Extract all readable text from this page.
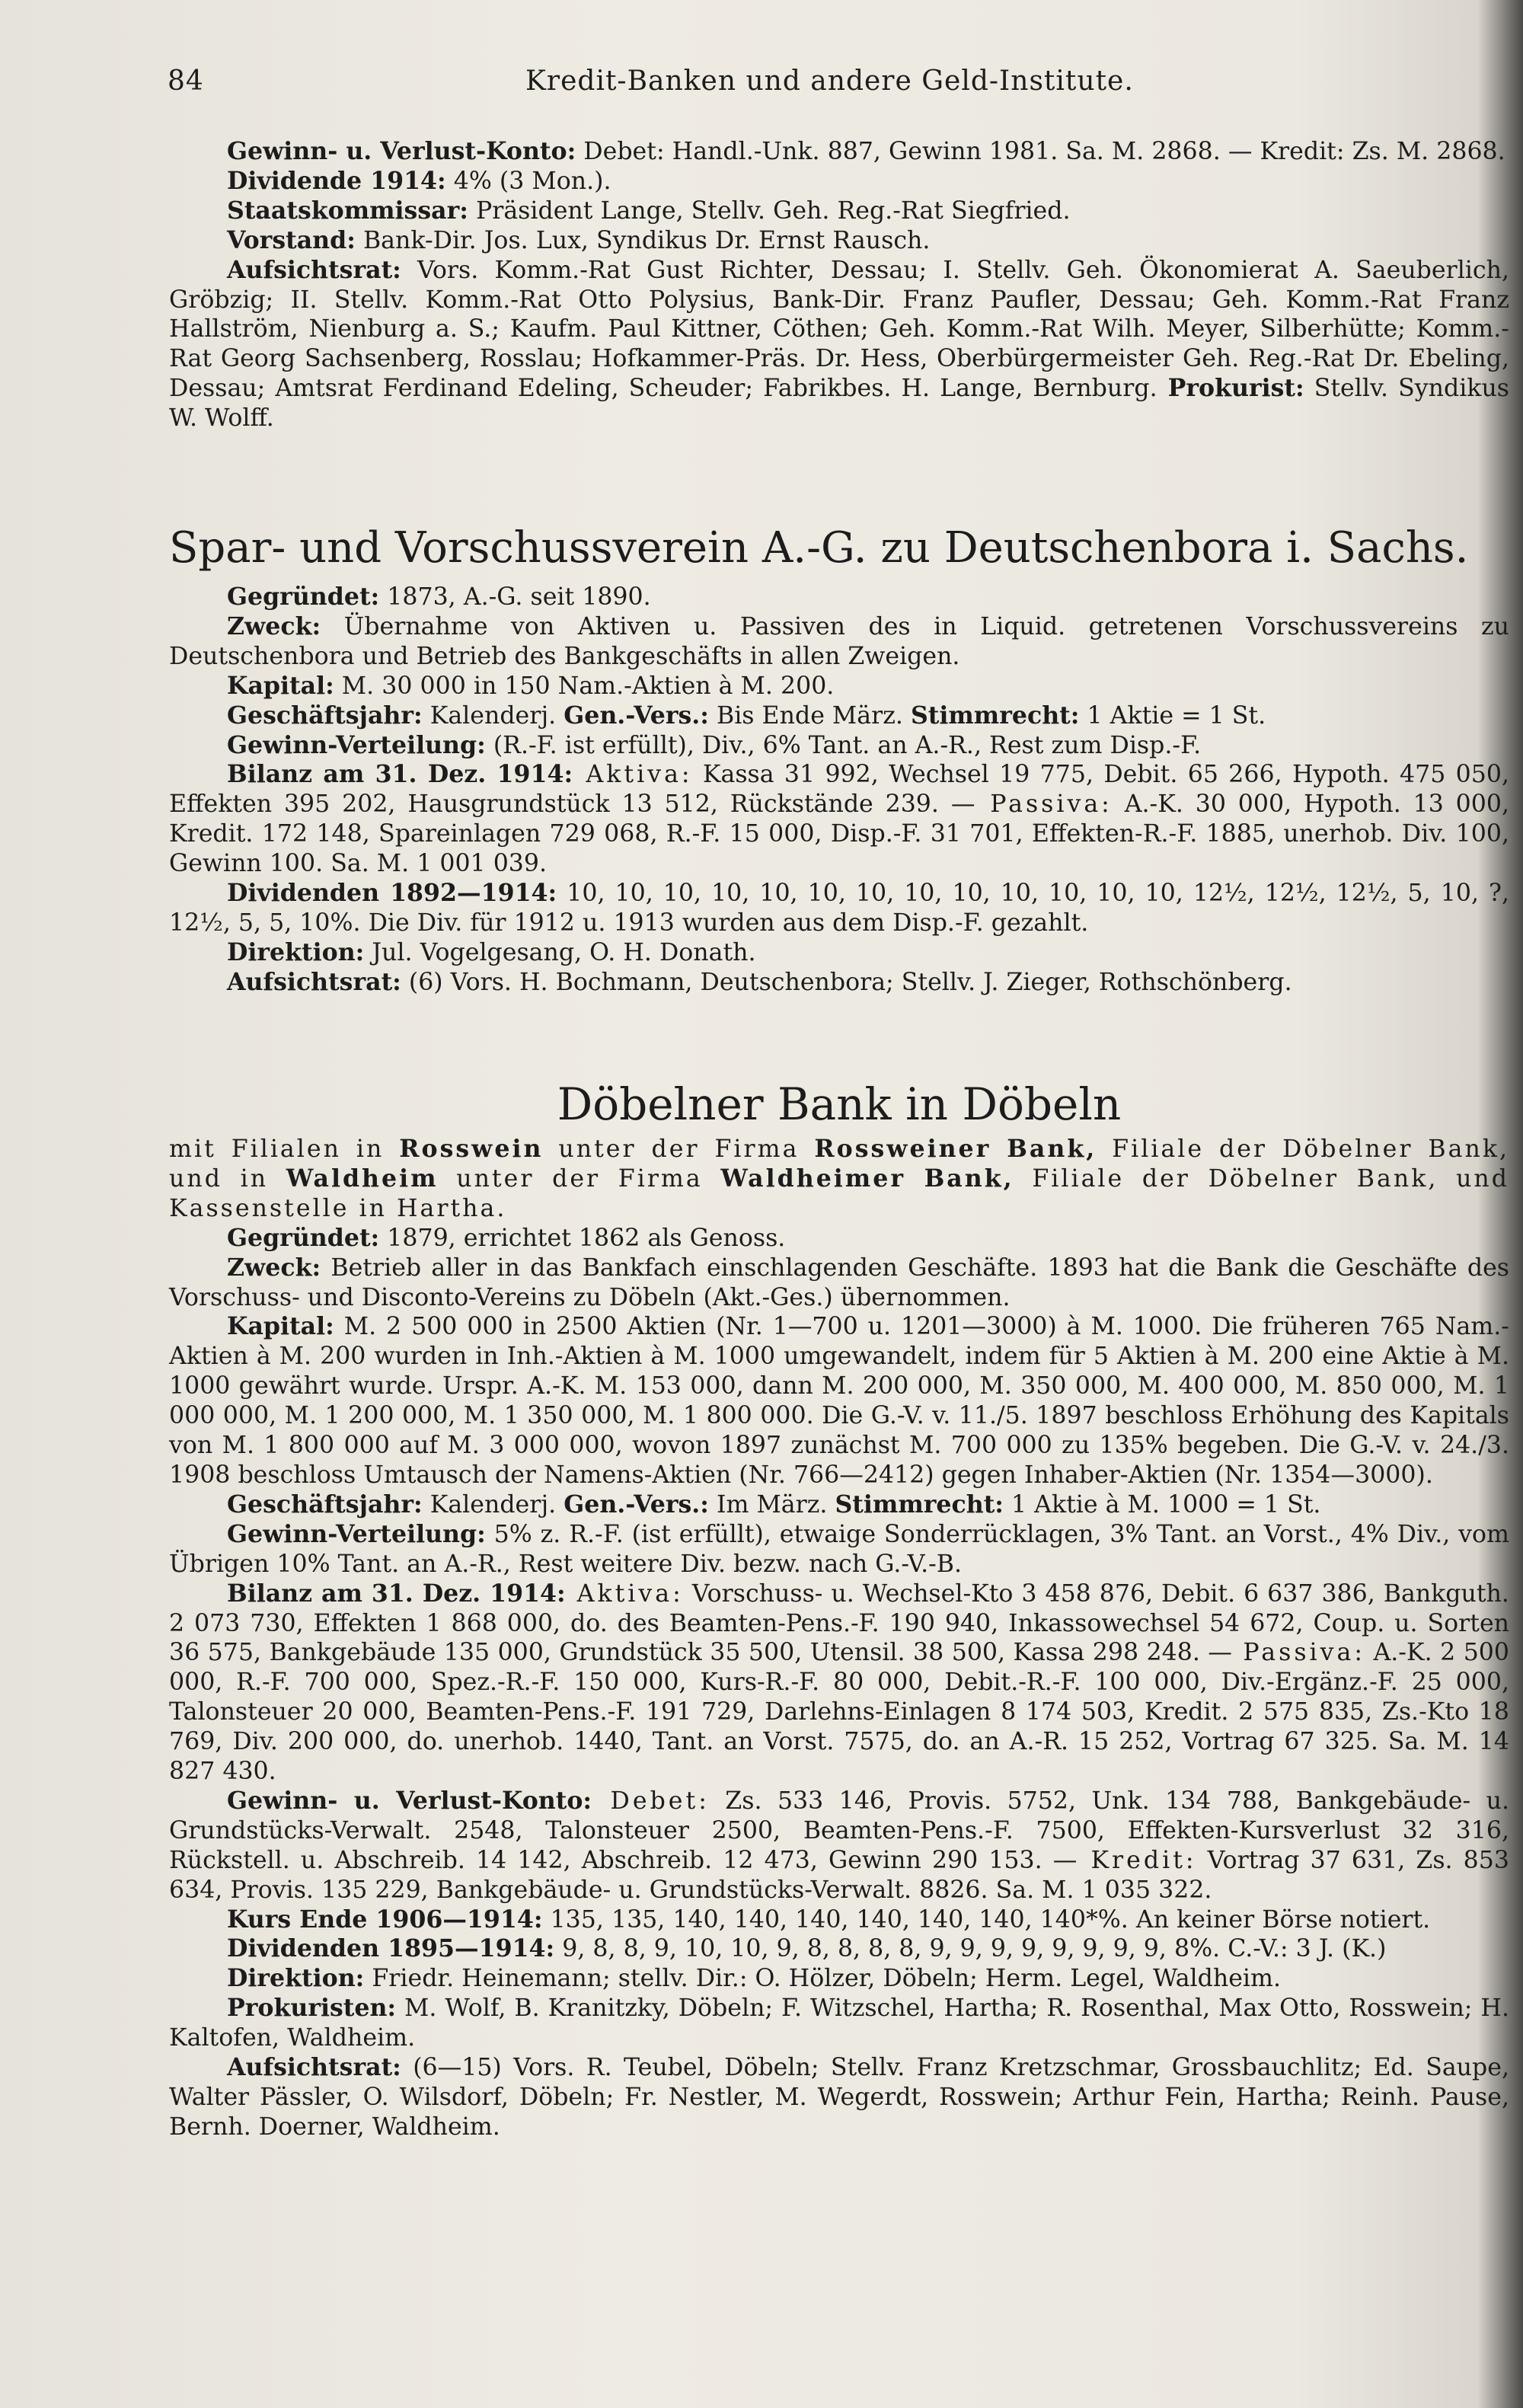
84	Kredit-Banken und andere Geld-Institute.

Gewinn- u. Verlust-Konto: Debet: Handl.-Unk. 887, Gewinn 1981. Sa. M. 2868. — Kredit: Zs. M. 2868.

Dividende 1914: 4% (3 Mon.).

Staatskommissar: Präsident Lange, Stellv. Geh. Reg.-Rat Siegfried.

Vorstand: Bank-Dir. Jos. Lux, Syndikus Dr. Ernst Rausch.

Aufsichtsrat: Vors. Komm.-Rat Gust Richter, Dessau; I. Stellv. Geh. Ökonomierat A. Saeuberlich, Gröbzig; II. Stellv. Komm.-Rat Otto Polysius, Bank-Dir. Franz Paufler, Dessau; Geh. Komm.-Rat Franz Hallström, Nienburg a. S.; Kaufm. Paul Kittner, Cöthen; Geh. Komm.-Rat Wilh. Meyer, Silberhütte; Komm.-Rat Georg Sachsenberg, Rosslau; Hofkammer-Präs. Dr. Hess, Oberbürgermeister Geh. Reg.-Rat Dr. Ebeling, Dessau; Amtsrat Ferdinand Edeling, Scheuder; Fabrikbes. H. Lange, Bernburg. Prokurist: Stellv. Syndikus W. Wolff.

Spar- und Vorschussverein A.-G. zu Deutschenbora i. Sachs.

Gegründet: 1873, A.-G. seit 1890.

Zweck: Übernahme von Aktiven u. Passiven des in Liquid. getretenen Vorschussvereins zu Deutschenbora und Betrieb des Bankgeschäfts in allen Zweigen.

Kapital: M. 30 000 in 150 Nam.-Aktien à M. 200.

Geschäftsjahr: Kalenderj. Gen.-Vers.: Bis Ende März. Stimmrecht: 1 Aktie = 1 St.

Gewinn-Verteilung: (R.-F. ist erfüllt), Div., 6% Tant. an A.-R., Rest zum Disp.-F.

Bilanz am 31. Dez. 1914: Aktiva: Kassa 31 992, Wechsel 19 775, Debit. 65 266, Hypoth. 475 050, Effekten 395 202, Hausgrundstück 13 512, Rückstände 239. — Passiva: A.-K. 30 000, Hypoth. 13 000, Kredit. 172 148, Spareinlagen 729 068, R.-F. 15 000, Disp.-F. 31 701, Effekten-R.-F. 1885, unerhob. Div. 100, Gewinn 100. Sa. M. 1 001 039.

Dividenden 1892—1914: 10, 10, 10, 10, 10, 10, 10, 10, 10, 10, 10, 10, 10, 12½, 12½, 12½, 5, 10, ?, 12½, 5, 5, 10%. Die Div. für 1912 u. 1913 wurden aus dem Disp.-F. gezahlt.

Direktion: Jul. Vogelgesang, O. H. Donath.

Aufsichtsrat: (6) Vors. H. Bochmann, Deutschenbora; Stellv. J. Zieger, Rothschönberg.

Döbelner Bank in Döbeln

mit Filialen in Rosswein unter der Firma Rossweiner Bank, Filiale der Döbelner Bank, und in Waldheim unter der Firma Waldheimer Bank, Filiale der Döbelner Bank, und Kassenstelle in Hartha.

Gegründet: 1879, errichtet 1862 als Genoss.

Zweck: Betrieb aller in das Bankfach einschlagenden Geschäfte. 1893 hat die Bank die Geschäfte des Vorschuss- und Disconto-Vereins zu Döbeln (Akt.-Ges.) übernommen.

Kapital: M. 2 500 000 in 2500 Aktien (Nr. 1—700 u. 1201—3000) à M. 1000. Die früheren 765 Nam.-Aktien à M. 200 wurden in Inh.-Aktien à M. 1000 umgewandelt, indem für 5 Aktien à M. 200 eine Aktie à M. 1000 gewährt wurde. Urspr. A.-K. M. 153 000, dann M. 200 000, M. 350 000, M. 400 000, M. 850 000, M. 1 000 000, M. 1 200 000, M. 1 350 000, M. 1 800 000. Die G.-V. v. 11./5. 1897 beschloss Erhöhung des Kapitals von M. 1 800 000 auf M. 3 000 000, wovon 1897 zunächst M. 700 000 zu 135% begeben. Die G.-V. v. 24./3. 1908 beschloss Umtausch der Namens-Aktien (Nr. 766—2412) gegen Inhaber-Aktien (Nr. 1354—3000).

Geschäftsjahr: Kalenderj. Gen.-Vers.: Im März. Stimmrecht: 1 Aktie à M. 1000 = 1 St.

Gewinn-Verteilung: 5% z. R.-F. (ist erfüllt), etwaige Sonderrücklagen, 3% Tant. an Vorst., 4% Div., vom Übrigen 10% Tant. an A.-R., Rest weitere Div. bezw. nach G.-V.-B.

Bilanz am 31. Dez. 1914: Aktiva: Vorschuss- u. Wechsel-Kto 3 458 876, Debit. 6 637 386, Bankguth. 2 073 730, Effekten 1 868 000, do. des Beamten-Pens.-F. 190 940, Inkassowechsel 54 672, Coup. u. Sorten 36 575, Bankgebäude 135 000, Grundstück 35 500, Utensil. 38 500, Kassa 298 248. — Passiva: A.-K. 2 500 000, R.-F. 700 000, Spez.-R.-F. 150 000, Kurs-R.-F. 80 000, Debit.-R.-F. 100 000, Div.-Ergänz.-F. 25 000, Talonsteuer 20 000, Beamten-Pens.-F. 191 729, Darlehns-Einlagen 8 174 503, Kredit. 2 575 835, Zs.-Kto 18 769, Div. 200 000, do. unerhob. 1440, Tant. an Vorst. 7575, do. an A.-R. 15 252, Vortrag 67 325. Sa. M. 14 827 430.

Gewinn- u. Verlust-Konto: Debet: Zs. 533 146, Provis. 5752, Unk. 134 788, Bankgebäude- u. Grundstücks-Verwalt. 2548, Talonsteuer 2500, Beamten-Pens.-F. 7500, Effekten-Kursverlust 32 316, Rückstell. u. Abschreib. 14 142, Abschreib. 12 473, Gewinn 290 153. — Kredit: Vortrag 37 631, Zs. 853 634, Provis. 135 229, Bankgebäude- u. Grundstücks-Verwalt. 8826. Sa. M. 1 035 322.

Kurs Ende 1906—1914: 135, 135, 140, 140, 140, 140, 140, 140, 140*%. An keiner Börse notiert.

Dividenden 1895—1914: 9, 8, 8, 9, 10, 10, 9, 8, 8, 8, 8, 9, 9, 9, 9, 9, 9, 9, 9, 8%. C.-V.: 3 J. (K.)

Direktion: Friedr. Heinemann; stellv. Dir.: O. Hölzer, Döbeln; Herm. Legel, Waldheim.

Prokuristen: M. Wolf, B. Kranitzky, Döbeln; F. Witzschel, Hartha; R. Rosenthal, Max Otto, Rosswein; H. Kaltofen, Waldheim.

Aufsichtsrat: (6—15) Vors. R. Teubel, Döbeln; Stellv. Franz Kretzschmar, Grossbauchlitz; Ed. Saupe, Walter Pässler, O. Wilsdorf, Döbeln; Fr. Nestler, M. Wegerdt, Rosswein; Arthur Fein, Hartha; Reinh. Pause, Bernh. Doerner, Waldheim.
